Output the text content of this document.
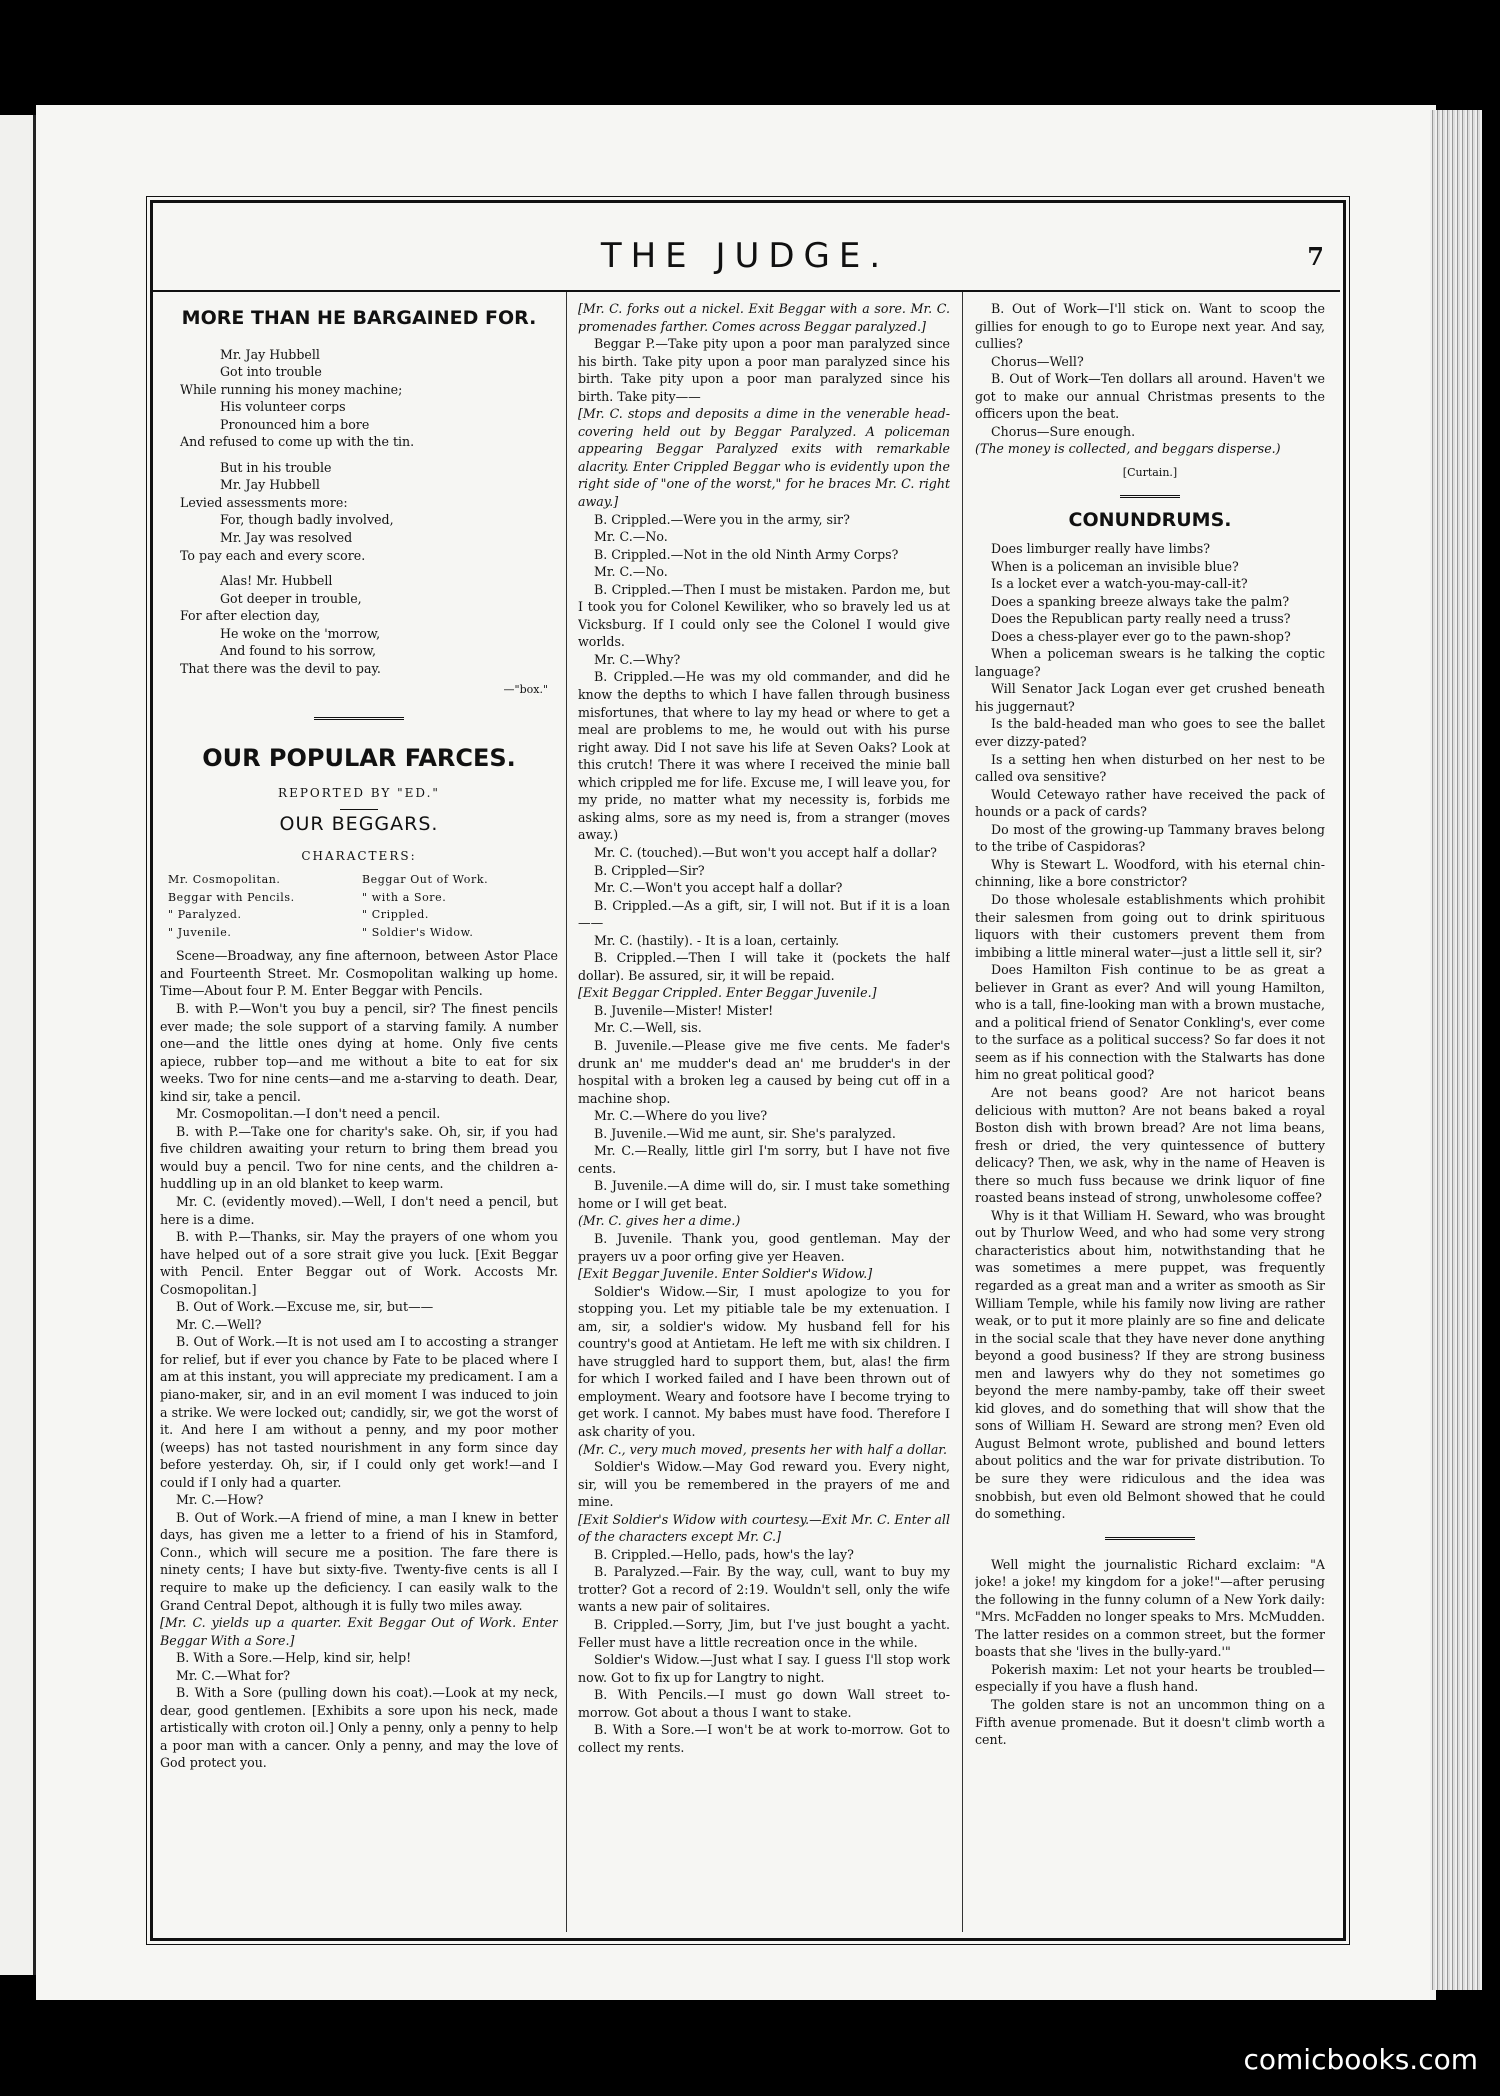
THE JUDGE.	7
MORE THAN HE BARGAINED FOR.
Mr. Jay Hubbell
Got into trouble
While running his money machine;
His volunteer corps
Pronounced him a bore
And refused to come up with the tin.
But in his trouble
Mr. Jay Hubbell
Levied assessments more:
For, though badly involved,
Mr. Jay was resolved
To pay each and every score.
Alas! Mr. Hubbell
Got deeper in trouble,
For after election day,
He woke on the 'morrow,
And found to his sorrow,
That there was the devil to pay.
—"box."
OUR POPULAR FARCES.
REPORTED BY "ED."
OUR BEGGARS.
CHARACTERS:
Mr. Cosmopolitan.	Beggar Out of Work.
Beggar with Pencils.	" with a Sore.
" Paralyzed.	" Crippled.
" Juvenile.	" Soldier's Widow.

Scene—Broadway, any fine afternoon, between Astor Place and Fourteenth Street. Mr. Cosmopolitan walking up home. Time—About four P. M. Enter Beggar with Pencils.

B. with P.—Won't you buy a pencil, sir? The finest pencils ever made; the sole support of a starving family. A number one—and the little ones dying at home. Only five cents apiece, rubber top—and me without a bite to eat for six weeks. Two for nine cents—and me a-starving to death. Dear, kind sir, take a pencil.

Mr. Cosmopolitan.—I don't need a pencil.

B. with P.—Take one for charity's sake. Oh, sir, if you had five children awaiting your return to bring them bread you would buy a pencil. Two for nine cents, and the children a-huddling up in an old blanket to keep warm.

Mr. C. (evidently moved).—Well, I don't need a pencil, but here is a dime.

B. with P.—Thanks, sir. May the prayers of one whom you have helped out of a sore strait give you luck. [Exit Beggar with Pencil. Enter Beggar out of Work. Accosts Mr. Cosmopolitan.]

B. Out of Work.—Excuse me, sir, but——

Mr. C.—Well?

B. Out of Work.—It is not used am I to accosting a stranger for relief, but if ever you chance by Fate to be placed where I am at this instant, you will appreciate my predicament. I am a piano-maker, sir, and in an evil moment I was induced to join a strike. We were locked out; candidly, sir, we got the worst of it. And here I am without a penny, and my poor mother (weeps) has not tasted nourishment in any form since day before yesterday. Oh, sir, if I could only get work!—and I could if I only had a quarter.

Mr. C.—How?

B. Out of Work.—A friend of mine, a man I knew in better days, has given me a letter to a friend of his in Stamford, Conn., which will secure me a position. The fare there is ninety cents; I have but sixty-five. Twenty-five cents is all I require to make up the deficiency. I can easily walk to the Grand Central Depot, although it is fully two miles away.

[Mr. C. yields up a quarter. Exit Beggar Out of Work. Enter Beggar With a Sore.]

B. With a Sore.—Help, kind sir, help!

Mr. C.—What for?

B. With a Sore (pulling down his coat).—Look at my neck, dear, good gentlemen. [Exhibits a sore upon his neck, made artistically with croton oil.] Only a penny, only a penny to help a poor man with a cancer. Only a penny, and may the love of God protect you.

[Mr. C. forks out a nickel. Exit Beggar with a sore. Mr. C. promenades farther. Comes across Beggar paralyzed.]

Beggar P.—Take pity upon a poor man paralyzed since his birth. Take pity upon a poor man paralyzed since his birth. Take pity upon a poor man paralyzed since his birth. Take pity——

[Mr. C. stops and deposits a dime in the venerable head-covering held out by Beggar Paralyzed. A policeman appearing Beggar Paralyzed exits with remarkable alacrity. Enter Crippled Beggar who is evidently upon the right side of "one of the worst," for he braces Mr. C. right away.]

B. Crippled.—Were you in the army, sir?

Mr. C.—No.

B. Crippled.—Not in the old Ninth Army Corps?

Mr. C.—No.

B. Crippled.—Then I must be mistaken. Pardon me, but I took you for Colonel Kewiliker, who so bravely led us at Vicksburg. If I could only see the Colonel I would give worlds.

Mr. C.—Why?

B. Crippled.—He was my old commander, and did he know the depths to which I have fallen through business misfortunes, that where to lay my head or where to get a meal are problems to me, he would out with his purse right away. Did I not save his life at Seven Oaks? Look at this crutch! There it was where I received the minie ball which crippled me for life. Excuse me, I will leave you, for my pride, no matter what my necessity is, forbids me asking alms, sore as my need is, from a stranger (moves away.)

Mr. C. (touched).—But won't you accept half a dollar?

B. Crippled—Sir?

Mr. C.—Won't you accept half a dollar?

B. Crippled.—As a gift, sir, I will not. But if it is a loan——

Mr. C. (hastily). - It is a loan, certainly.

B. Crippled.—Then I will take it (pockets the half dollar). Be assured, sir, it will be repaid.

[Exit Beggar Crippled. Enter Beggar Juvenile.]

B. Juvenile—Mister! Mister!

Mr. C.—Well, sis.

B. Juvenile.—Please give me five cents. Me fader's drunk an' me mudder's dead an' me brudder's in der hospital with a broken leg a caused by being cut off in a machine shop.

Mr. C.—Where do you live?

B. Juvenile.—Wid me aunt, sir. She's paralyzed.

Mr. C.—Really, little girl I'm sorry, but I have not five cents.

B. Juvenile.—A dime will do, sir. I must take something home or I will get beat.

(Mr. C. gives her a dime.)

B. Juvenile. Thank you, good gentleman. May der prayers uv a poor orfing give yer Heaven.

[Exit Beggar Juvenile. Enter Soldier's Widow.]

Soldier's Widow.—Sir, I must apologize to you for stopping you. Let my pitiable tale be my extenuation. I am, sir, a soldier's widow. My husband fell for his country's good at Antietam. He left me with six children. I have struggled hard to support them, but, alas! the firm for which I worked failed and I have been thrown out of employment. Weary and footsore have I become trying to get work. I cannot. My babes must have food. Therefore I ask charity of you.

(Mr. C., very much moved, presents her with half a dollar.

Soldier's Widow.—May God reward you. Every night, sir, will you be remembered in the prayers of me and mine.

[Exit Soldier's Widow with courtesy.—Exit Mr. C. Enter all of the characters except Mr. C.]

B. Crippled.—Hello, pads, how's the lay?

B. Paralyzed.—Fair. By the way, cull, want to buy my trotter? Got a record of 2:19. Wouldn't sell, only the wife wants a new pair of solitaires.

B. Crippled.—Sorry, Jim, but I've just bought a yacht. Feller must have a little recreation once in the while.

Soldier's Widow.—Just what I say. I guess I'll stop work now. Got to fix up for Langtry to night.

B. With Pencils.—I must go down Wall street to-morrow. Got about a thous I want to stake.

B. With a Sore.—I won't be at work to-morrow. Got to collect my rents.

B. Out of Work—I'll stick on. Want to scoop the gillies for enough to go to Europe next year. And say, cullies?

Chorus—Well?

B. Out of Work—Ten dollars all around. Haven't we got to make our annual Christmas presents to the officers upon the beat.

Chorus—Sure enough.

(The money is collected, and beggars disperse.)

[Curtain.]
CONUNDRUMS.

Does limburger really have limbs?

When is a policeman an invisible blue?

Is a locket ever a watch-you-may-call-it?

Does a spanking breeze always take the palm?

Does the Republican party really need a truss?

Does a chess-player ever go to the pawn-shop?

When a policeman swears is he talking the coptic language?

Will Senator Jack Logan ever get crushed beneath his juggernaut?

Is the bald-headed man who goes to see the ballet ever dizzy-pated?

Is a setting hen when disturbed on her nest to be called ova sensitive?

Would Cetewayo rather have received the pack of hounds or a pack of cards?

Do most of the growing-up Tammany braves belong to the tribe of Caspidoras?

Why is Stewart L. Woodford, with his eternal chin-chinning, like a bore constrictor?

Do those wholesale establishments which prohibit their salesmen from going out to drink spirituous liquors with their customers prevent them from imbibing a little mineral water—just a little sell it, sir?

Does Hamilton Fish continue to be as great a believer in Grant as ever? And will young Hamilton, who is a tall, fine-looking man with a brown mustache, and a political friend of Senator Conkling's, ever come to the surface as a political success? So far does it not seem as if his connection with the Stalwarts has done him no great political good?

Are not beans good? Are not haricot beans delicious with mutton? Are not beans baked a royal Boston dish with brown bread? Are not lima beans, fresh or dried, the very quintessence of buttery delicacy? Then, we ask, why in the name of Heaven is there so much fuss because we drink liquor of fine roasted beans instead of strong, unwholesome coffee?

Why is it that William H. Seward, who was brought out by Thurlow Weed, and who had some very strong characteristics about him, notwithstanding that he was sometimes a mere puppet, was frequently regarded as a great man and a writer as smooth as Sir William Temple, while his family now living are rather weak, or to put it more plainly are so fine and delicate in the social scale that they have never done anything beyond a good business? If they are strong business men and lawyers why do they not sometimes go beyond the mere namby-pamby, take off their sweet kid gloves, and do something that will show that the sons of William H. Seward are strong men? Even old August Belmont wrote, published and bound letters about politics and the war for private distribution. To be sure they were ridiculous and the idea was snobbish, but even old Belmont showed that he could do something.

Well might the journalistic Richard exclaim: "A joke! a joke! my kingdom for a joke!"—after perusing the following in the funny column of a New York daily: "Mrs. McFadden no longer speaks to Mrs. McMudden. The latter resides on a common street, but the former boasts that she 'lives in the bully-yard.'"

Pokerish maxim: Let not your hearts be troubled—especially if you have a flush hand.

The golden stare is not an uncommon thing on a Fifth avenue promenade. But it doesn't climb worth a cent.

comicbooks.com
